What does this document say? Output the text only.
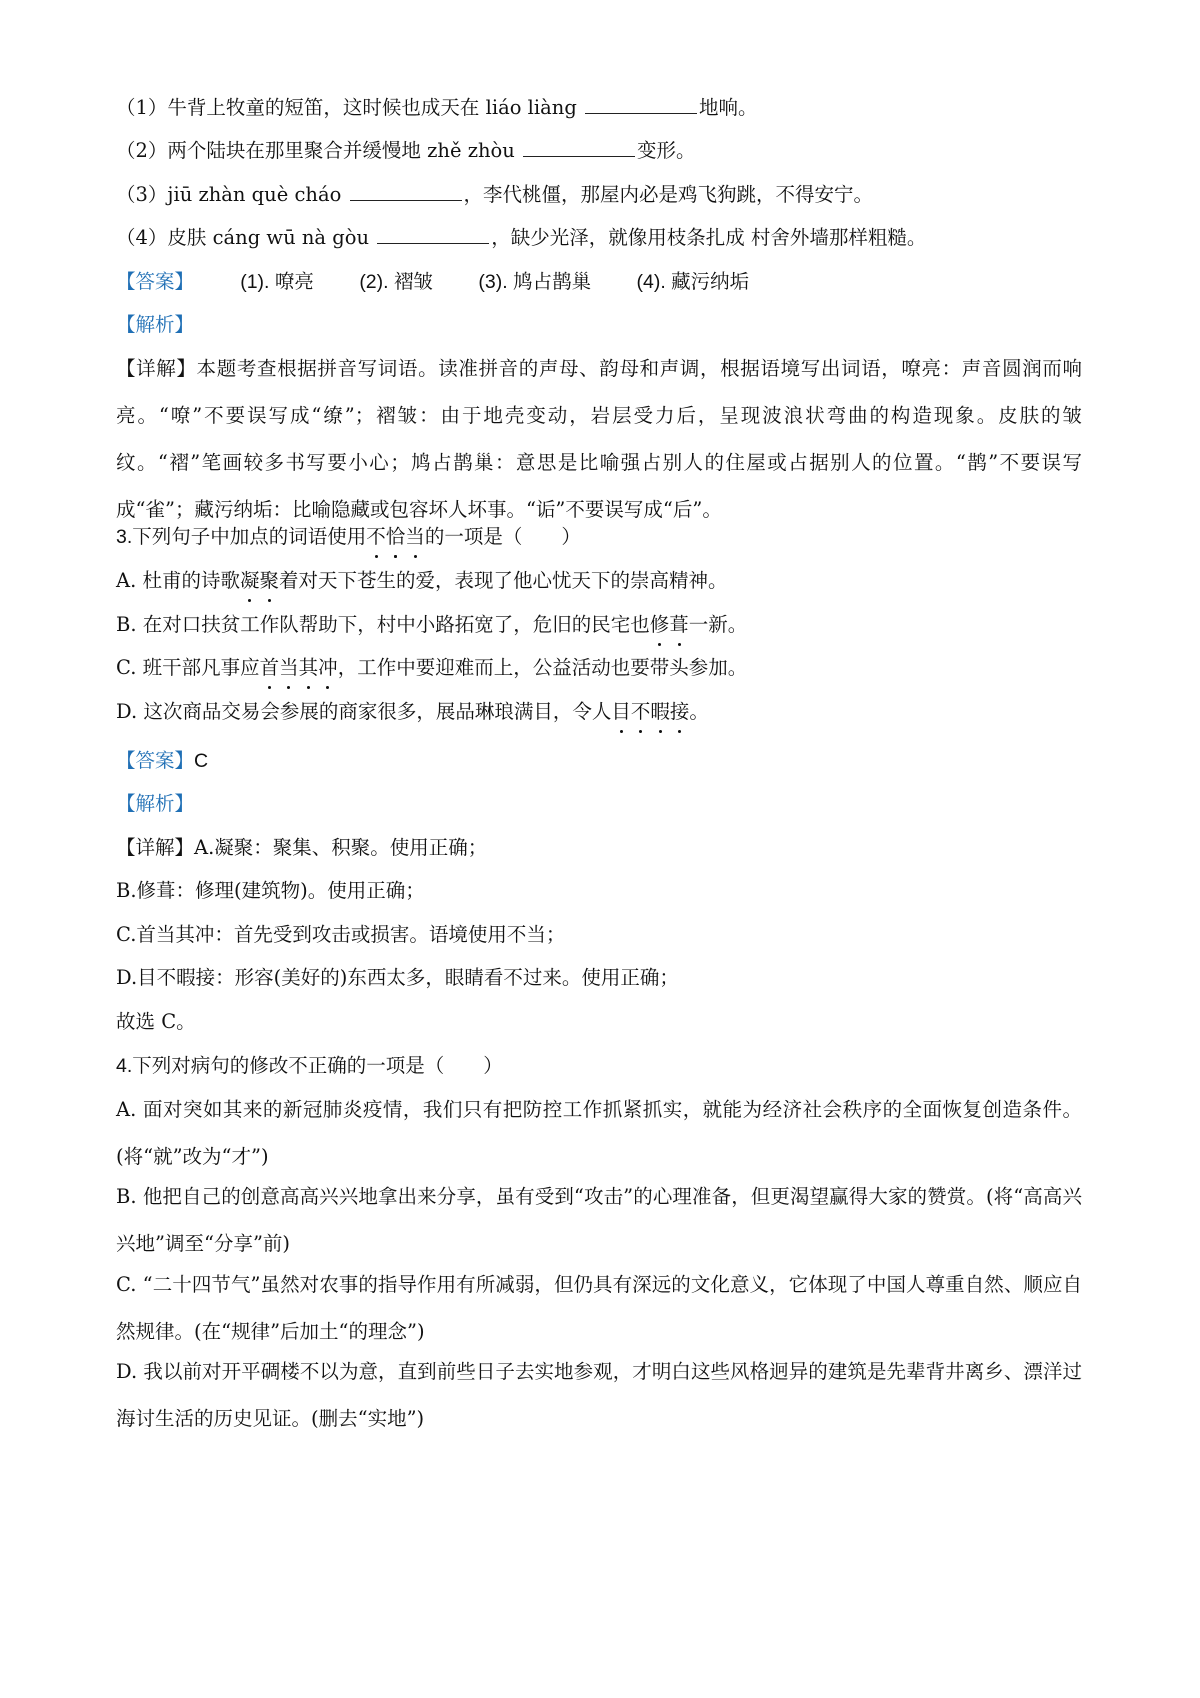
（1）牛背上牧童的短笛，这时候也成天在 liáo liàng	地响。
（2）两个陆块在那里聚合并缓慢地 zhě zhòu	变形。
（3）jiū zhàn què cháo	，李代桃僵，那屋内必是鸡飞狗跳，不得安宁。
（4）皮肤 cáng wū nà gòu	，缺少光泽，就像用枝条扎成 村舍外墙那样粗糙。
【答案】 (1). 嘹亮 (2). 褶皱 (3). 鸠占鹊巢 (4). 藏污纳垢
【解析】
【详解】本题考查根据拼音写词语。读准拼音的声母、韵母和声调，根据语境写出词语，嘹亮：声音圆润而响亮。“嘹”不要误写成“缭”；褶皱：由于地壳变动，岩层受力后，呈现波浪状弯曲的构造现象。皮肤的皱纹。“褶”笔画较多书写要小心；鸠占鹊巢：意思是比喻强占别人的住屋或占据别人的位置。“鹊”不要误写成“雀”；藏污纳垢：比喻隐藏或包容坏人坏事。“诟”不要误写成“后”。
3.下列句子中加点的词语使用不恰当的一项是（　　）
A. 杜甫的诗歌凝聚着对天下苍生的爱，表现了他心忧天下的崇高精神。
B. 在对口扶贫工作队帮助下，村中小路拓宽了，危旧的民宅也修葺一新。
C. 班干部凡事应首当其冲，工作中要迎难而上，公益活动也要带头参加。
D. 这次商品交易会参展的商家很多，展品琳琅满目，令人目不暇接。
【答案】C
【解析】
【详解】A.凝聚：聚集、积聚。使用正确；
B.修葺：修理(建筑物)。使用正确；
C.首当其冲：首先受到攻击或损害。语境使用不当；
D.目不暇接：形容(美好的)东西太多，眼睛看不过来。使用正确；
故选 C。
4.下列对病句的修改不正确的一项是（　　）
A. 面对突如其来的新冠肺炎疫情，我们只有把防控工作抓紧抓实，就能为经济社会秩序的全面恢复创造条件。(将“就”改为“才”)
B. 他把自己的创意高高兴兴地拿出来分享，虽有受到“攻击”的心理准备，但更渴望赢得大家的赞赏。(将“高高兴兴地”调至“分享”前)
C. “二十四节气”虽然对农事的指导作用有所减弱，但仍具有深远的文化意义，它体现了中国人尊重自然、顺应自然规律。(在“规律”后加土“的理念”)
D. 我以前对开平碉楼不以为意，直到前些日子去实地参观，才明白这些风格迥异的建筑是先辈背井离乡、漂洋过海讨生活的历史见证。(删去“实地”)
